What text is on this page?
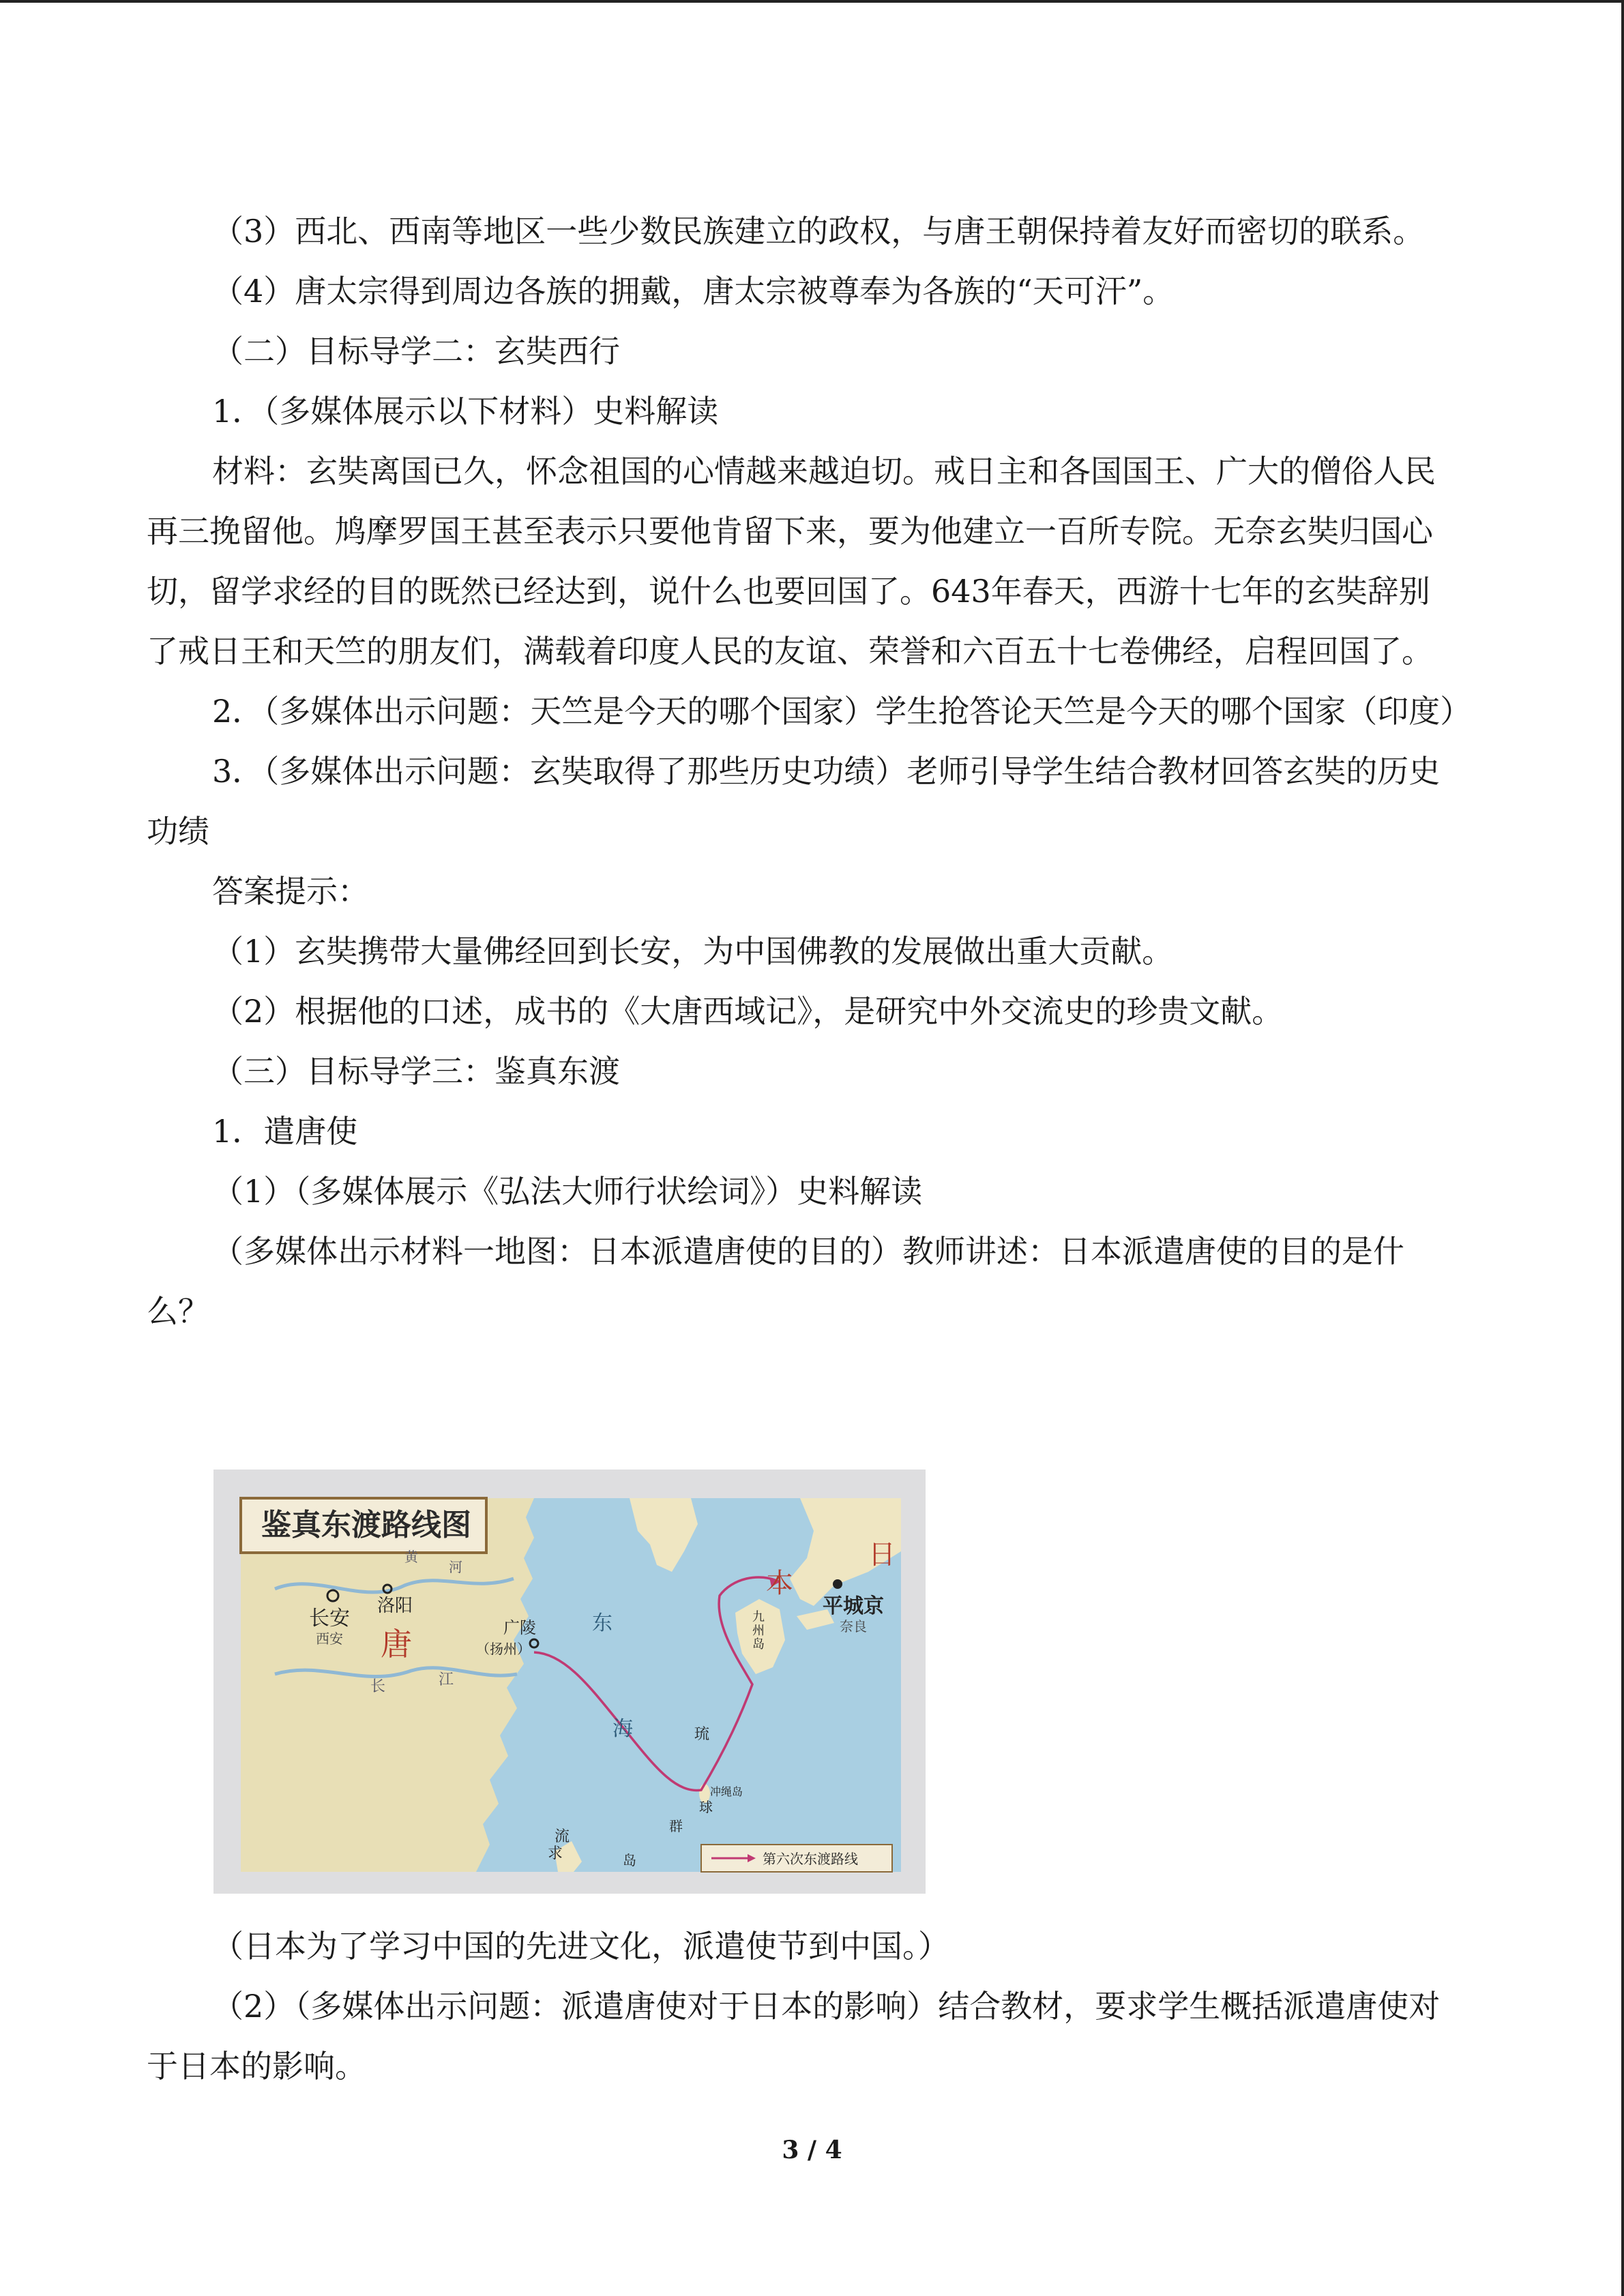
（3）西北、西南等地区一些少数民族建立的政权，与唐王朝保持着友好而密切的联系。

（4）唐太宗得到周边各族的拥戴，唐太宗被尊奉为各族的“天可汗”。

（二）目标导学二：玄奘西行

1．（多媒体展示以下材料）史料解读

材料：玄奘离国已久，怀念祖国的心情越来越迫切。戒日主和各国国王、广大的僧俗人民再三挽留他。鸠摩罗国王甚至表示只要他肯留下来，要为他建立一百所专院。无奈玄奘归国心切，留学求经的目的既然已经达到，说什么也要回国了。643年春天，西游十七年的玄奘辞别了戒日王和天竺的朋友们，满载着印度人民的友谊、荣誉和六百五十七卷佛经，启程回国了。

2．（多媒体出示问题：天竺是今天的哪个国家）学生抢答论天竺是今天的哪个国家（印度）

3．（多媒体出示问题：玄奘取得了那些历史功绩）老师引导学生结合教材回答玄奘的历史功绩

答案提示：

（1）玄奘携带大量佛经回到长安，为中国佛教的发展做出重大贡献。

（2）根据他的口述，成书的《大唐西域记》，是研究中外交流史的珍贵文献。

（三）目标导学三：鉴真东渡

1．遣唐使

（1）（多媒体展示《弘法大师行状绘词》）史料解读

（多媒体出示材料一地图：日本派遣唐使的目的）教师讲述：日本派遣唐使的目的是什么？

鉴真东渡路线图
长安
西安
洛阳
唐	广陵
（扬州）
黄
河
长	江
东
海
九
州
岛
日
本
平城京
奈良
琉
冲绳岛
球
群
岛
流
求	第六次东渡路线

（日本为了学习中国的先进文化，派遣使节到中国。）

（2）（多媒体出示问题：派遣唐使对于日本的影响）结合教材，要求学生概括派遣唐使对于日本的影响。

3 / 4
